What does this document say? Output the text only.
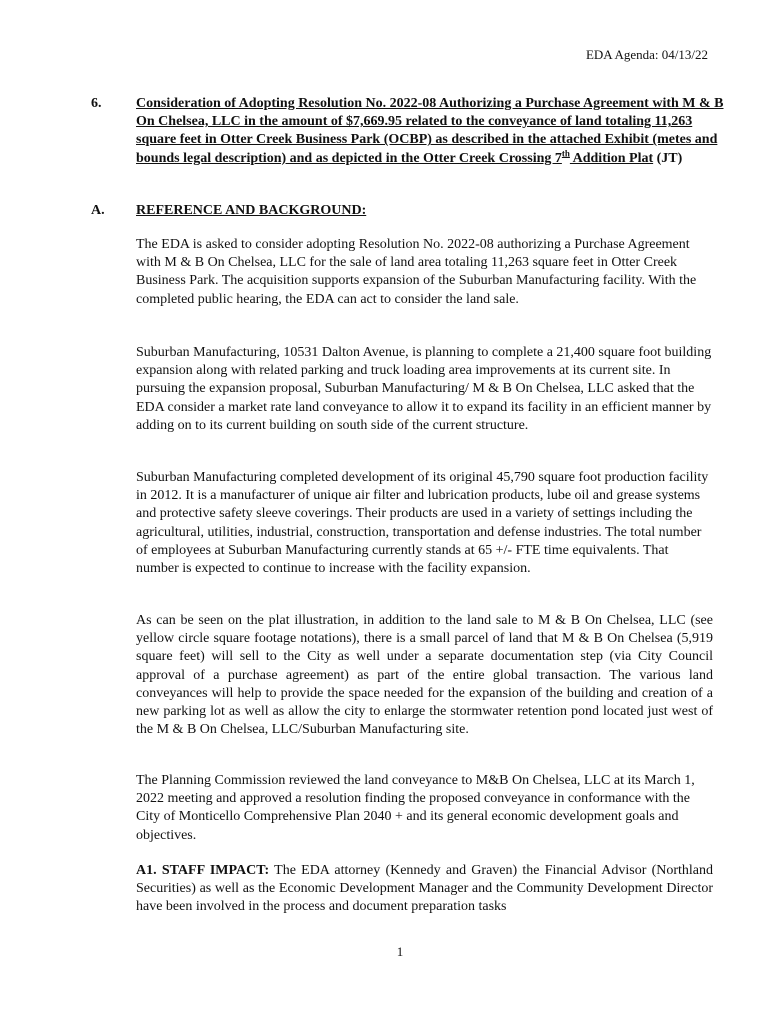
EDA Agenda: 04/13/22
6.	Consideration of Adopting Resolution No. 2022-08 Authorizing a Purchase Agreement with M & B On Chelsea, LLC in the amount of $7,669.95 related to the conveyance of land totaling 11,263 square feet in Otter Creek Business Park (OCBP) as described in the attached Exhibit (metes and bounds legal description) and as depicted in the Otter Creek Crossing 7th Addition Plat (JT)
A.	REFERENCE AND BACKGROUND:

The EDA is asked to consider adopting Resolution No. 2022-08 authorizing a Purchase Agreement with M & B On Chelsea, LLC for the sale of land area totaling 11,263 square feet in Otter Creek Business Park. The acquisition supports expansion of the Suburban Manufacturing facility. With the completed public hearing, the EDA can act to consider the land sale.

Suburban Manufacturing, 10531 Dalton Avenue, is planning to complete a 21,400 square foot building expansion along with related parking and truck loading area improvements at its current site. In pursuing the expansion proposal, Suburban Manufacturing/ M & B On Chelsea, LLC asked that the EDA consider a market rate land conveyance to allow it to expand its facility in an efficient manner by adding on to its current building on south side of the current structure.

Suburban Manufacturing completed development of its original 45,790 square foot production facility in 2012. It is a manufacturer of unique air filter and lubrication products, lube oil and grease systems and protective safety sleeve coverings. Their products are used in a variety of settings including the agricultural, utilities, industrial, construction, transportation and defense industries. The total number of employees at Suburban Manufacturing currently stands at 65 +/- FTE time equivalents. That number is expected to continue to increase with the facility expansion.

As can be seen on the plat illustration, in addition to the land sale to M & B On Chelsea, LLC (see yellow circle square footage notations), there is a small parcel of land that M & B On Chelsea (5,919 square feet) will sell to the City as well under a separate documentation step (via City Council approval of a purchase agreement) as part of the entire global transaction. The various land conveyances will help to provide the space needed for the expansion of the building and creation of a new parking lot as well as allow the city to enlarge the stormwater retention pond located just west of the M & B On Chelsea, LLC/Suburban Manufacturing site.

The Planning Commission reviewed the land conveyance to M&B On Chelsea, LLC at its March 1, 2022 meeting and approved a resolution finding the proposed conveyance in conformance with the City of Monticello Comprehensive Plan 2040 + and its general economic development goals and objectives.

A1. STAFF IMPACT: The EDA attorney (Kennedy and Graven) the Financial Advisor (Northland Securities) as well as the Economic Development Manager and the Community Development Director have been involved in the process and document preparation tasks

1
